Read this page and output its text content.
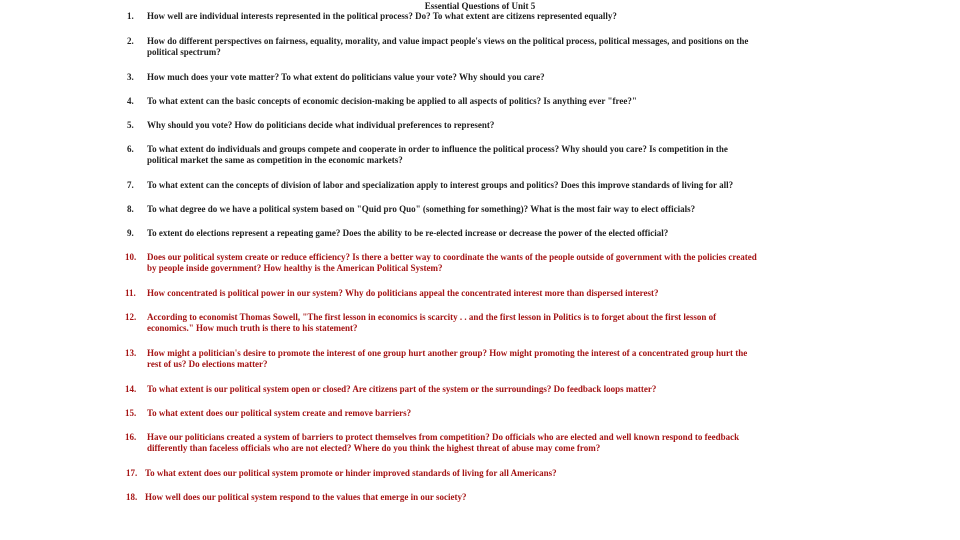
Essential Questions of Unit 5
1. How well are individual interests represented in the political process? Do? To what extent are citizens represented equally?
2. How do different perspectives on fairness, equality, morality, and value impact people's views on the political process, political messages, and positions on the
political spectrum?
3. How much does your vote matter? To what extent do politicians value your vote? Why should you care?
4. To what extent can the basic concepts of economic decision-making be applied to all aspects of politics? Is anything ever "free?"
5. Why should you vote? How do politicians decide what individual preferences to represent?
6. To what extent do individuals and groups compete and cooperate in order to influence the political process? Why should you care? Is competition in the
political market the same as competition in the economic markets?
7. To what extent can the concepts of division of labor and specialization apply to interest groups and politics? Does this improve standards of living for all?
8. To what degree do we have a political system based on "Quid pro Quo" (something for something)? What is the most fair way to elect officials?
9. To extent do elections represent a repeating game? Does the ability to be re-elected increase or decrease the power of the elected official?
10. Does our political system create or reduce efficiency? Is there a better way to coordinate the wants of the people outside of government with the policies created
by people inside government? How healthy is the American Political System?
11. How concentrated is political power in our system? Why do politicians appeal the concentrated interest more than dispersed interest?
12. According to economist Thomas Sowell, "The first lesson in economics is scarcity . . and the first lesson in Politics is to forget about the first lesson of
economics." How much truth is there to his statement?
13. How might a politician's desire to promote the interest of one group hurt another group? How might promoting the interest of a concentrated group hurt the
rest of us? Do elections matter?
14. To what extent is our political system open or closed? Are citizens part of the system or the surroundings? Do feedback loops matter?
15. To what extent does our political system create and remove barriers?
16. Have our politicians created a system of barriers to protect themselves from competition? Do officials who are elected and well known respond to feedback
differently than faceless officials who are not elected? Where do you think the highest threat of abuse may come from?
17. To what extent does our political system promote or hinder improved standards of living for all Americans?
18. How well does our political system respond to the values that emerge in our society?
